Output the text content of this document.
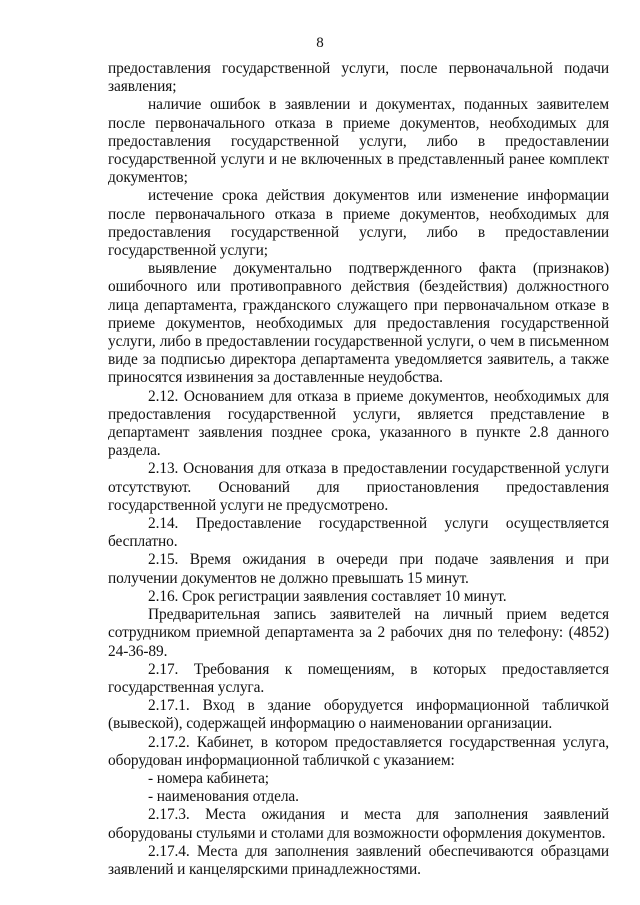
8

предоставления государственной услуги, после первоначальной подачи заявления;

наличие ошибок в заявлении и документах, поданных заявителем после первоначального отказа в приеме документов, необходимых для предоставления государственной услуги, либо в предоставлении государственной услуги и не включенных в представленный ранее комплект документов;

истечение срока действия документов или изменение информации после первоначального отказа в приеме документов, необходимых для предоставления государственной услуги, либо в предоставлении государственной услуги;

выявление документально подтвержденного факта (признаков) ошибочного или противоправного действия (бездействия) должностного лица департамента, гражданского служащего при первоначальном отказе в приеме документов, необходимых для предоставления государственной услуги, либо в предоставлении государственной услуги, о чем в письменном виде за подписью директора департамента уведомляется заявитель, а также приносятся извинения за доставленные неудобства.

2.12. Основанием для отказа в приеме документов, необходимых для предоставления государственной услуги, является представление в департамент заявления позднее срока, указанного в пункте 2.8 данного раздела.

2.13. Основания для отказа в предоставлении государственной услуги отсутствуют. Оснований для приостановления предоставления государственной услуги не предусмотрено.

2.14. Предоставление государственной услуги осуществляется бесплатно.

2.15. Время ожидания в очереди при подаче заявления и при получении документов не должно превышать 15 минут.

2.16. Срок регистрации заявления составляет 10 минут.

Предварительная запись заявителей на личный прием ведется сотрудником приемной департамента за 2 рабочих дня по телефону: (4852) 24-36-89.

2.17. Требования к помещениям, в которых предоставляется государственная услуга.

2.17.1. Вход в здание оборудуется информационной табличкой (вывеской), содержащей информацию о наименовании организации.

2.17.2. Кабинет, в котором предоставляется государственная услуга, оборудован информационной табличкой с указанием:

- номера кабинета;

- наименования отдела.

2.17.3. Места ожидания и места для заполнения заявлений оборудованы стульями и столами для возможности оформления документов.

2.17.4. Места для заполнения заявлений обеспечиваются образцами заявлений и канцелярскими принадлежностями.
